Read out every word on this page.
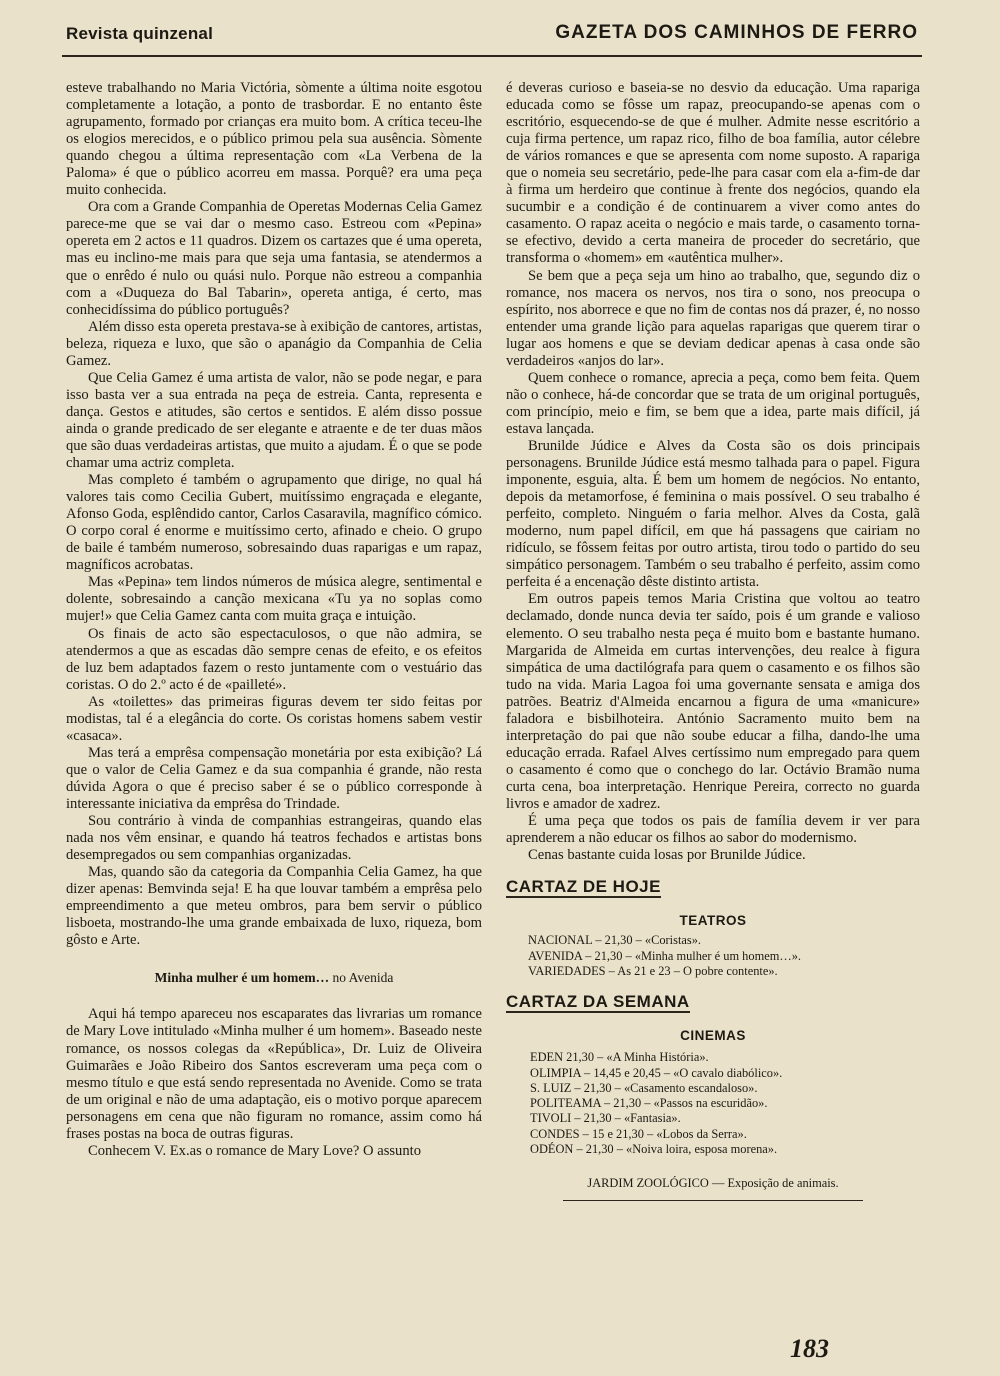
Revista quinzenal	GAZETA DOS CAMINHOS DE FERRO

esteve trabalhando no Maria Victória, sòmente a última noite esgotou completamente a lotação, a ponto de trasbordar. E no entanto êste agrupamento, formado por crianças era muito bom. A crítica teceu-lhe os elogios merecidos, e o público primou pela sua ausência. Sòmente quando chegou a última representação com «La Verbena de la Paloma» é que o público acorreu em massa. Porquê? era uma peça muito conhecida.

Ora com a Grande Companhia de Operetas Modernas Celia Gamez parece-me que se vai dar o mesmo caso. Estreou com «Pepina» opereta em 2 actos e 11 quadros. Dizem os cartazes que é uma opereta, mas eu inclino-me mais para que seja uma fantasia, se atendermos a que o enrêdo é nulo ou quási nulo. Porque não estreou a companhia com a «Duqueza do Bal Tabarin», opereta antiga, é certo, mas conhecidíssima do público português?

Além disso esta opereta prestava-se à exibição de cantores, artistas, beleza, riqueza e luxo, que são o apanágio da Companhia de Celia Gamez.

Que Celia Gamez é uma artista de valor, não se pode negar, e para isso basta ver a sua entrada na peça de estreia. Canta, representa e dança. Gestos e atitudes, são certos e sentidos. E além disso possue ainda o grande predicado de ser elegante e atraente e de ter duas mãos que são duas verdadeiras artistas, que muito a ajudam. É o que se pode chamar uma actriz completa.

Mas completo é também o agrupamento que dirige, no qual há valores tais como Cecilia Gubert, muitíssimo engraçada e elegante, Afonso Goda, esplêndido cantor, Carlos Casaravila, magnífico cómico. O corpo coral é enorme e muitíssimo certo, afinado e cheio. O grupo de baile é também numeroso, sobresaindo duas raparigas e um rapaz, magníficos acrobatas.

Mas «Pepina» tem lindos números de música alegre, sentimental e dolente, sobresaindo a canção mexicana «Tu ya no soplas como mujer!» que Celia Gamez canta com muita graça e intuição.

Os finais de acto são espectaculosos, o que não admira, se atendermos a que as escadas dão sempre cenas de efeito, e os efeitos de luz bem adaptados fazem o resto juntamente com o vestuário das coristas. O do 2.º acto é de «pailleté».

As «toilettes» das primeiras figuras devem ter sido feitas por modistas, tal é a elegância do corte. Os coristas homens sabem vestir «casaca».

Mas terá a emprêsa compensação monetária por esta exibição? Lá que o valor de Celia Gamez e da sua companhia é grande, não resta dúvida Agora o que é preciso saber é se o público corresponde à interessante iniciativa da emprêsa do Trindade.

Sou contrário à vinda de companhias estrangeiras, quando elas nada nos vêm ensinar, e quando há teatros fechados e artistas bons desempregados ou sem companhias organizadas.

Mas, quando são da categoria da Companhia Celia Gamez, ha que dizer apenas: Bemvinda seja! E ha que louvar também a emprêsa pelo empreendimento a que meteu ombros, para bem servir o público lisboeta, mostrando-lhe uma grande embaixada de luxo, riqueza, bom gôsto e Arte.

Minha mulher é um homem… no Avenida

Aqui há tempo apareceu nos escaparates das livrarias um romance de Mary Love intitulado «Minha mulher é um homem». Baseado neste romance, os nossos colegas da «República», Dr. Luiz de Oliveira Guimarães e João Ribeiro dos Santos escreveram uma peça com o mesmo título e que está sendo representada no Avenide. Como se trata de um original e não de uma adaptação, eis o motivo porque aparecem personagens em cena que não figuram no romance, assim como há frases postas na boca de outras figuras.

Conhecem V. Ex.as o romance de Mary Love? O assunto

é deveras curioso e baseia-se no desvio da educação. Uma rapariga educada como se fôsse um rapaz, preocupando-se apenas com o escritório, esquecendo-se de que é mulher. Admite nesse escritório a cuja firma pertence, um rapaz rico, filho de boa família, autor célebre de vários romances e que se apresenta com nome suposto. A rapariga que o nomeia seu secretário, pede-lhe para casar com ela a-fim-de dar à firma um herdeiro que continue à frente dos negócios, quando ela sucumbir e a condição é de continuarem a viver como antes do casamento. O rapaz aceita o negócio e mais tarde, o casamento torna-se efectivo, devido a certa maneira de proceder do secretário, que transforma o «homem» em «autêntica mulher».

Se bem que a peça seja um hino ao trabalho, que, segundo diz o romance, nos macera os nervos, nos tira o sono, nos preocupa o espírito, nos aborrece e que no fim de contas nos dá prazer, é, no nosso entender uma grande lição para aquelas raparigas que querem tirar o lugar aos homens e que se deviam dedicar apenas à casa onde são verdadeiros «anjos do lar».

Quem conhece o romance, aprecia a peça, como bem feita. Quem não o conhece, há-de concordar que se trata de um original português, com princípio, meio e fim, se bem que a idea, parte mais difícil, já estava lançada.

Brunilde Júdice e Alves da Costa são os dois principais personagens. Brunilde Júdice está mesmo talhada para o papel. Figura imponente, esguia, alta. É bem um homem de negócios. No entanto, depois da metamorfose, é feminina o mais possível. O seu trabalho é perfeito, completo. Ninguém o faria melhor. Alves da Costa, galã moderno, num papel difícil, em que há passagens que cairiam no ridículo, se fôssem feitas por outro artista, tirou todo o partido do seu simpático personagem. Também o seu trabalho é perfeito, assim como perfeita é a encenação dêste distinto artista.

Em outros papeis temos Maria Cristina que voltou ao teatro declamado, donde nunca devia ter saído, pois é um grande e valioso elemento. O seu trabalho nesta peça é muito bom e bastante humano. Margarida de Almeida em curtas intervenções, deu realce à figura simpática de uma dactilógrafa para quem o casamento e os filhos são tudo na vida. Maria Lagoa foi uma governante sensata e amiga dos patrões. Beatriz d'Almeida encarnou a figura de uma «manicure» faladora e bisbilhoteira. António Sacramento muito bem na interpretação do pai que não soube educar a filha, dando-lhe uma educação errada. Rafael Alves certíssimo num empregado para quem o casamento é como que o conchego do lar. Octávio Bramão numa curta cena, boa interpretação. Henrique Pereira, correcto no guarda livros e amador de xadrez.

É uma peça que todos os pais de família devem ir ver para aprenderem a não educar os filhos ao sabor do modernismo.

Cenas bastante cuida losas por Brunilde Júdice.

CARTAZ DE HOJE
TEATROS
NACIONAL – 21,30 – «Coristas».
AVENIDA – 21,30 – «Minha mulher é um homem…».
VARIEDADES – As 21 e 23 – O pobre contente».
CARTAZ DA SEMANA
CINEMAS
EDEN 21,30 – «A Minha História».
OLIMPIA – 14,45 e 20,45 – «O cavalo diabólico».
S. LUIZ – 21,30 – «Casamento escandaloso».
POLITEAMA – 21,30 – «Passos na escuridão».
TIVOLI – 21,30 – «Fantasia».
CONDES – 15 e 21,30 – «Lobos da Serra».
ODÉON – 21,30 – «Noiva loira, esposa morena».
JARDIM ZOOLÓGICO — Exposição de animais.
183
